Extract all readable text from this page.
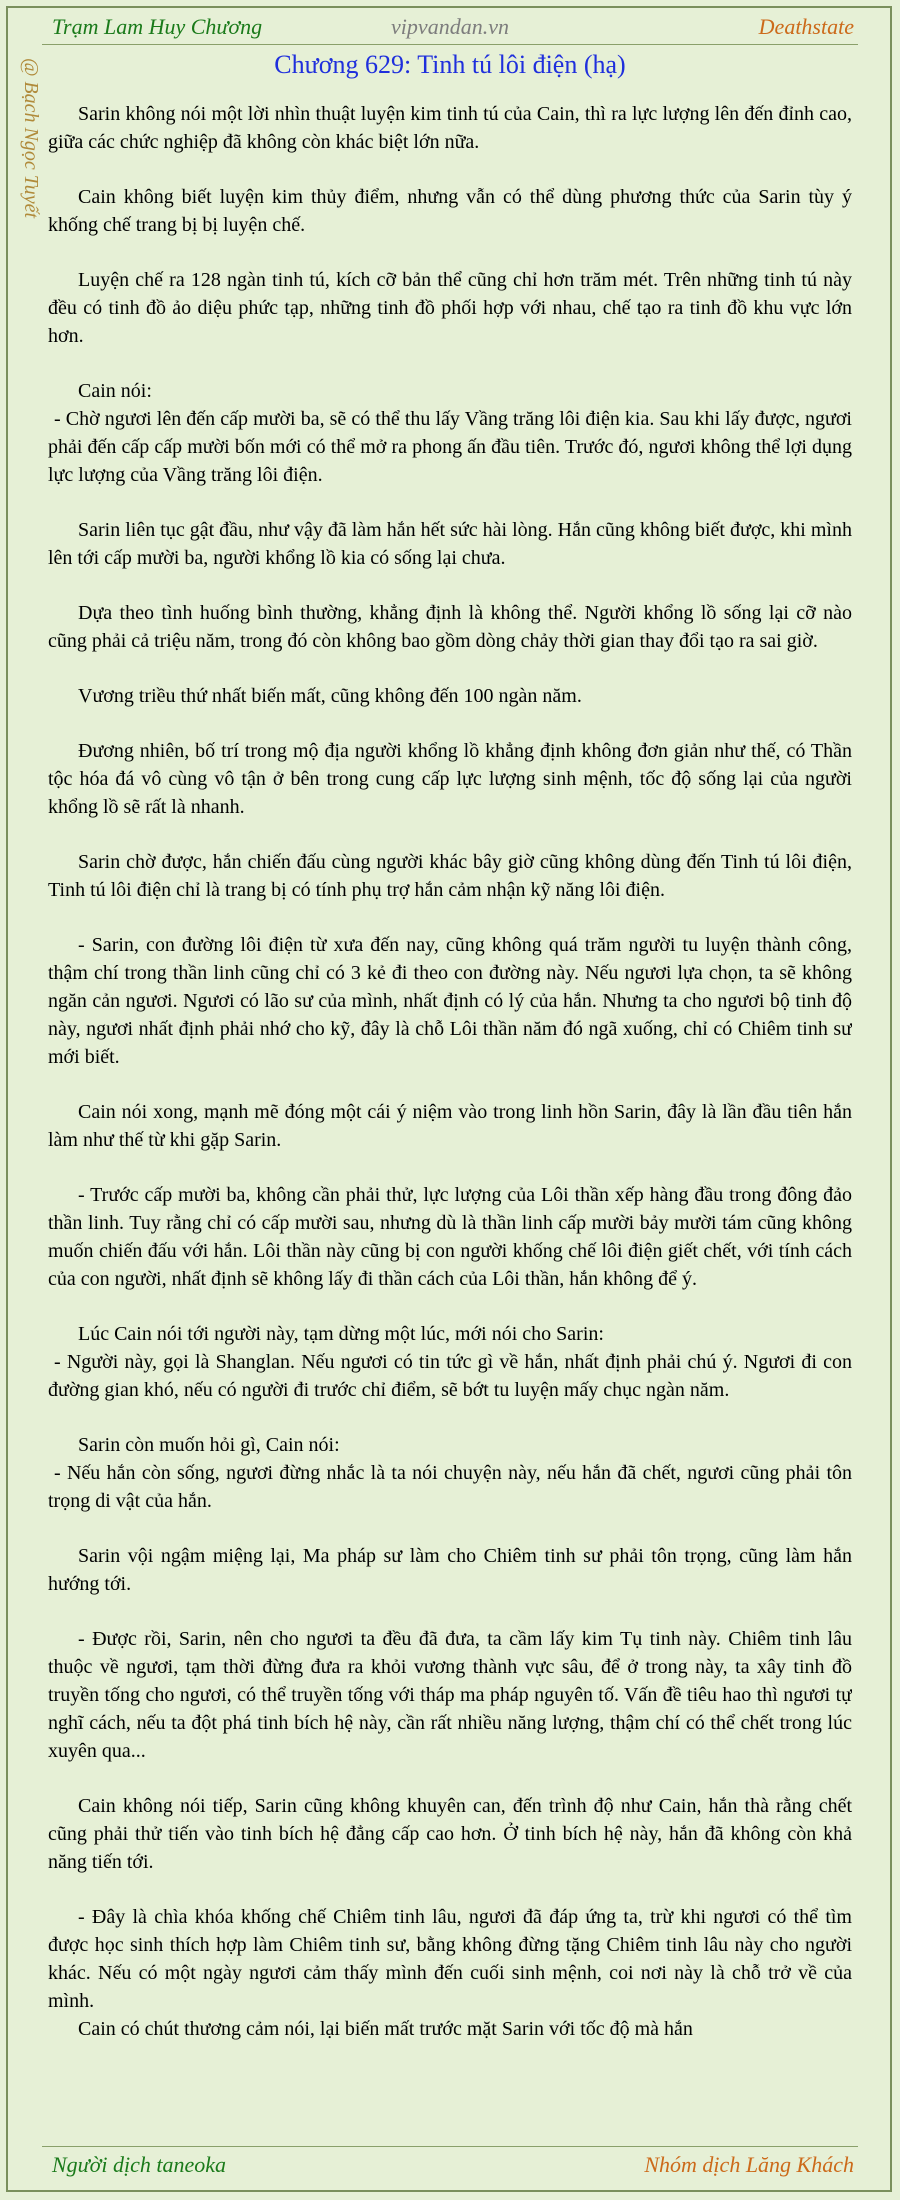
Trạm Lam Huy Chương	vipvandan.vn	Deathstate
@ Bạch Ngọc Tuyết	Chương 629: Tinh tú lôi điện (hạ)

Sarin không nói một lời nhìn thuật luyện kim tinh tú của Cain, thì ra lực lượng lên đến đỉnh cao, giữa các chức nghiệp đã không còn khác biệt lớn nữa.

Cain không biết luyện kim thủy điểm, nhưng vẫn có thể dùng phương thức của Sarin tùy ý khống chế trang bị bị luyện chế.

Luyện chế ra 128 ngàn tinh tú, kích cỡ bản thể cũng chỉ hơn trăm mét. Trên những tinh tú này đều có tinh đồ ảo diệu phức tạp, những tinh đồ phối hợp với nhau, chế tạo ra tinh đồ khu vực lớn hơn.

Cain nói:

- Chờ ngươi lên đến cấp mười ba, sẽ có thể thu lấy Vầng trăng lôi điện kia. Sau khi lấy được, ngươi phải đến cấp cấp mười bốn mới có thể mở ra phong ấn đầu tiên. Trước đó, ngươi không thể lợi dụng lực lượng của Vầng trăng lôi điện.

Sarin liên tục gật đầu, như vậy đã làm hắn hết sức hài lòng. Hắn cũng không biết được, khi mình lên tới cấp mười ba, người khổng lồ kia có sống lại chưa.

Dựa theo tình huống bình thường, khẳng định là không thể. Người khổng lồ sống lại cỡ nào cũng phải cả triệu năm, trong đó còn không bao gồm dòng chảy thời gian thay đổi tạo ra sai giờ.

Vương triều thứ nhất biến mất, cũng không đến 100 ngàn năm.

Đương nhiên, bố trí trong mộ địa người khổng lồ khẳng định không đơn giản như thế, có Thần tộc hóa đá vô cùng vô tận ở bên trong cung cấp lực lượng sinh mệnh, tốc độ sống lại của người khổng lồ sẽ rất là nhanh.

Sarin chờ được, hắn chiến đấu cùng người khác bây giờ cũng không dùng đến Tinh tú lôi điện, Tinh tú lôi điện chỉ là trang bị có tính phụ trợ hắn cảm nhận kỹ năng lôi điện.

- Sarin, con đường lôi điện từ xưa đến nay, cũng không quá trăm người tu luyện thành công, thậm chí trong thần linh cũng chỉ có 3 kẻ đi theo con đường này. Nếu ngươi lựa chọn, ta sẽ không ngăn cản ngươi. Ngươi có lão sư của mình, nhất định có lý của hắn. Nhưng ta cho ngươi bộ tinh độ này, ngươi nhất định phải nhớ cho kỹ, đây là chỗ Lôi thần năm đó ngã xuống, chỉ có Chiêm tinh sư mới biết.

Cain nói xong, mạnh mẽ đóng một cái ý niệm vào trong linh hồn Sarin, đây là lần đầu tiên hắn làm như thế từ khi gặp Sarin.

- Trước cấp mười ba, không cần phải thử, lực lượng của Lôi thần xếp hàng đầu trong đông đảo thần linh. Tuy rằng chỉ có cấp mười sau, nhưng dù là thần linh cấp mười bảy mười tám cũng không muốn chiến đấu với hắn. Lôi thần này cũng bị con người khống chế lôi điện giết chết, với tính cách của con người, nhất định sẽ không lấy đi thần cách của Lôi thần, hắn không để ý.

Lúc Cain nói tới người này, tạm dừng một lúc, mới nói cho Sarin:

- Người này, gọi là Shanglan. Nếu ngươi có tin tức gì về hắn, nhất định phải chú ý. Ngươi đi con đường gian khó, nếu có người đi trước chỉ điểm, sẽ bớt tu luyện mấy chục ngàn năm.

Sarin còn muốn hỏi gì, Cain nói:

- Nếu hắn còn sống, ngươi đừng nhắc là ta nói chuyện này, nếu hắn đã chết, ngươi cũng phải tôn trọng di vật của hắn.

Sarin vội ngậm miệng lại, Ma pháp sư làm cho Chiêm tinh sư phải tôn trọng, cũng làm hắn hướng tới.

- Được rồi, Sarin, nên cho ngươi ta đều đã đưa, ta cầm lấy kim Tụ tinh này. Chiêm tinh lâu thuộc về ngươi, tạm thời đừng đưa ra khỏi vương thành vực sâu, để ở trong này, ta xây tinh đồ truyền tống cho ngươi, có thể truyền tống với tháp ma pháp nguyên tố. Vấn đề tiêu hao thì ngươi tự nghĩ cách, nếu ta đột phá tinh bích hệ này, cần rất nhiều năng lượng, thậm chí có thể chết trong lúc xuyên qua...

Cain không nói tiếp, Sarin cũng không khuyên can, đến trình độ như Cain, hắn thà rằng chết cũng phải thử tiến vào tinh bích hệ đẳng cấp cao hơn. Ở tinh bích hệ này, hắn đã không còn khả năng tiến tới.

- Đây là chìa khóa khống chế Chiêm tinh lâu, ngươi đã đáp ứng ta, trừ khi ngươi có thể tìm được học sinh thích hợp làm Chiêm tinh sư, bằng không đừng tặng Chiêm tinh lâu này cho người khác. Nếu có một ngày ngươi cảm thấy mình đến cuối sinh mệnh, coi nơi này là chỗ trở về của mình.

Cain có chút thương cảm nói, lại biến mất trước mặt Sarin với tốc độ mà hắn

Người dịch taneoka	Nhóm dịch Lăng Khách
